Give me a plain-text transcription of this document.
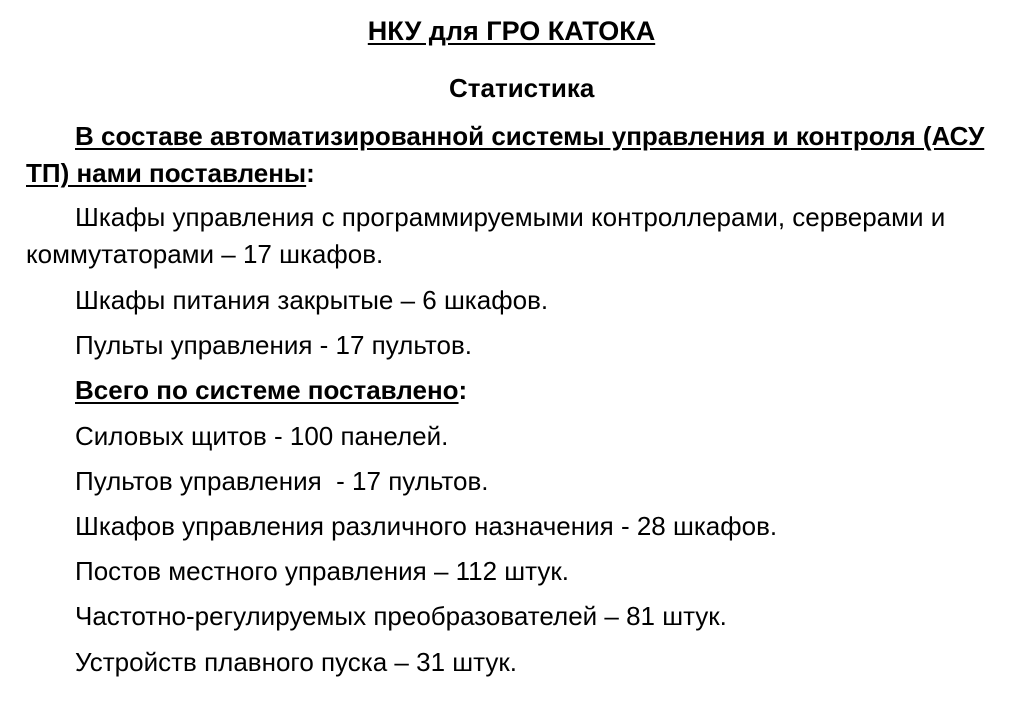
НКУ для ГРО КАТОКА
Статистика
В составе автоматизированной системы управления и контроля (АСУ ТП) нами поставлены:
Шкафы управления с программируемыми контроллерами, серверами и коммутаторами – 17 шкафов.
Шкафы питания закрытые – 6 шкафов.
Пульты управления - 17 пультов.
Всего по системе поставлено:
Силовых щитов - 100 панелей.
Пультов управления  - 17 пультов.
Шкафов управления различного назначения - 28 шкафов.
Постов местного управления – 112 штук.
Частотно-регулируемых преобразователей – 81 штук.
Устройств плавного пуска – 31 штук.
